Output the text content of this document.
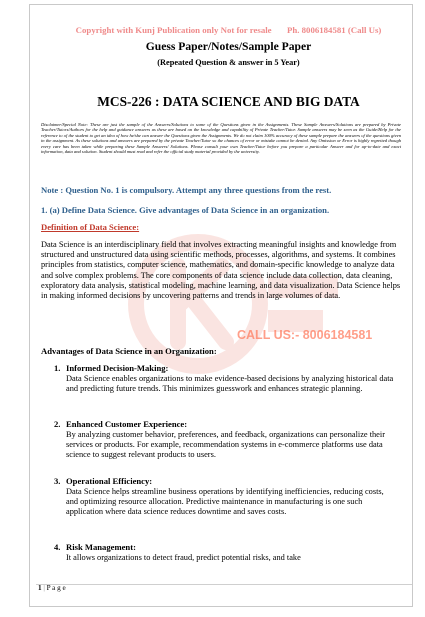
CALL US:- 8006184581
Copyright with Kunj Publication only Not for resale Ph. 8006184581 (Call Us)
Guess Paper/Notes/Sample Paper
(Repeated Question & answer in 5 Year)
MCS-226 : DATA SCIENCE AND BIG DATA
Disclaimer/Special Note: These are just the sample of the Answers/Solutions to some of the Questions given in the Assignments. These Sample Answers/Solutions are prepared by Private Teacher/Tutors/Authors for the help and guidance answers as these are based on the knowledge and capability of Private Teacher/Tutor. Sample answers may be seen as the Guide/Help for the reference to of the student to get an idea of how he/she can answer the Questions given the Assignments. We do not claim 100% accuracy of these sample prepare the answers of the questions given in the assignment. As these solutions and answers are prepared by the private Teacher/Tutor so the chances of error or mistake cannot be denied. Any Omission or Error is highly regretted though every care has been taken while preparing these Sample Answers/ Solutions. Please consult your own Teacher/Tutor before you prepare a particular Answer and for up-to-date and exact information, data and solution. Student should must read and refer the official study material provided by the university.
Note : Question No. 1 is compulsory. Attempt any three questions from the rest.
1. (a) Define Data Science. Give advantages of Data Science in an organization.
Definition of Data Science:
Data Science is an interdisciplinary field that involves extracting meaningful insights and knowledge from structured and unstructured data using scientific methods, processes, algorithms, and systems. It combines principles from statistics, computer science, mathematics, and domain-specific knowledge to analyze data and solve complex problems. The core components of data science include data collection, data cleaning, exploratory data analysis, statistical modeling, machine learning, and data visualization. Data Science helps in making informed decisions by uncovering patterns and trends in large volumes of data.
Advantages of Data Science in an Organization:
1. Informed Decision-Making:
Data Science enables organizations to make evidence-based decisions by analyzing historical data and predicting future trends. This minimizes guesswork and enhances strategic planning.
2. Enhanced Customer Experience:
By analyzing customer behavior, preferences, and feedback, organizations can personalize their services or products. For example, recommendation systems in e-commerce platforms use data science to suggest relevant products to users.
3. Operational Efficiency:
Data Science helps streamline business operations by identifying inefficiencies, reducing costs, and optimizing resource allocation. Predictive maintenance in manufacturing is one such application where data science reduces downtime and saves costs.
4. Risk Management:
It allows organizations to detect fraud, predict potential risks, and take
1 | P a g e
